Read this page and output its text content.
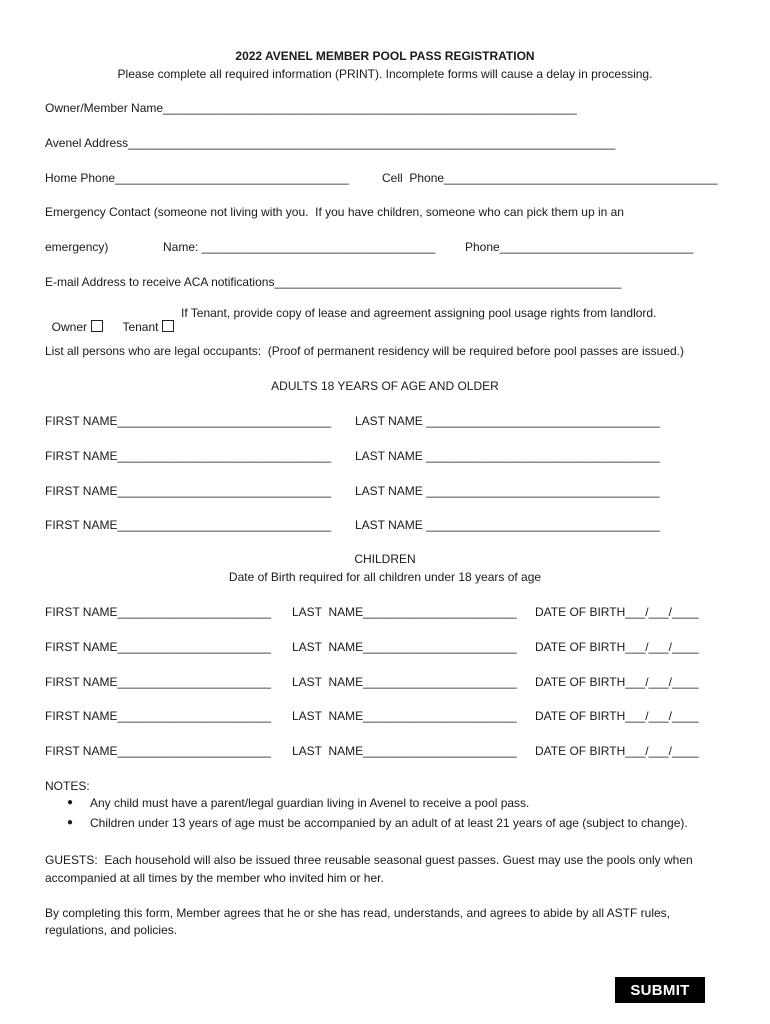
2022 AVENEL MEMBER POOL PASS REGISTRATION
Please complete all required information (PRINT). Incomplete forms will cause a delay in processing.
Owner/Member Name______________________________________________________________
Avenel Address_________________________________________________________________________
Home Phone___________________________________	Cell  Phone_________________________________________
Emergency Contact (someone not living with you.  If you have children, someone who can pick them up in an
emergency)	Name: ___________________________________ Phone_____________________________
E-mail Address to receive ACA notifications____________________________________________________

Owner	Tenant

If Tenant, provide copy of lease and agreement assigning pool usage rights from landlord.
List all persons who are legal occupants:  (Proof of permanent residency will be required before pool passes are issued.)
ADULTS 18 YEARS OF AGE AND OLDER
FIRST NAME________________________________ LAST NAME ___________________________________
FIRST NAME________________________________ LAST NAME ___________________________________
FIRST NAME________________________________ LAST NAME ___________________________________
FIRST NAME________________________________ LAST NAME ___________________________________
CHILDREN
Date of Birth required for all children under 18 years of age
FIRST NAME_______________________ LAST  NAME_______________________ DATE OF BIRTH___/___/____
FIRST NAME_______________________ LAST  NAME_______________________ DATE OF BIRTH___/___/____
FIRST NAME_______________________ LAST  NAME_______________________ DATE OF BIRTH___/___/____
FIRST NAME_______________________ LAST  NAME_______________________ DATE OF BIRTH___/___/____
FIRST NAME_______________________ LAST  NAME_______________________ DATE OF BIRTH___/___/____
NOTES:
● Any child must have a parent/legal guardian living in Avenel to receive a pool pass.
● Children under 13 years of age must be accompanied by an adult of at least 21 years of age (subject to change).
GUESTS:  Each household will also be issued three reusable seasonal guest passes. Guest may use the pools only when
accompanied at all times by the member who invited him or her.
By completing this form, Member agrees that he or she has read, understands, and agrees to abide by all ASTF rules,
regulations, and policies.
SUBMIT
